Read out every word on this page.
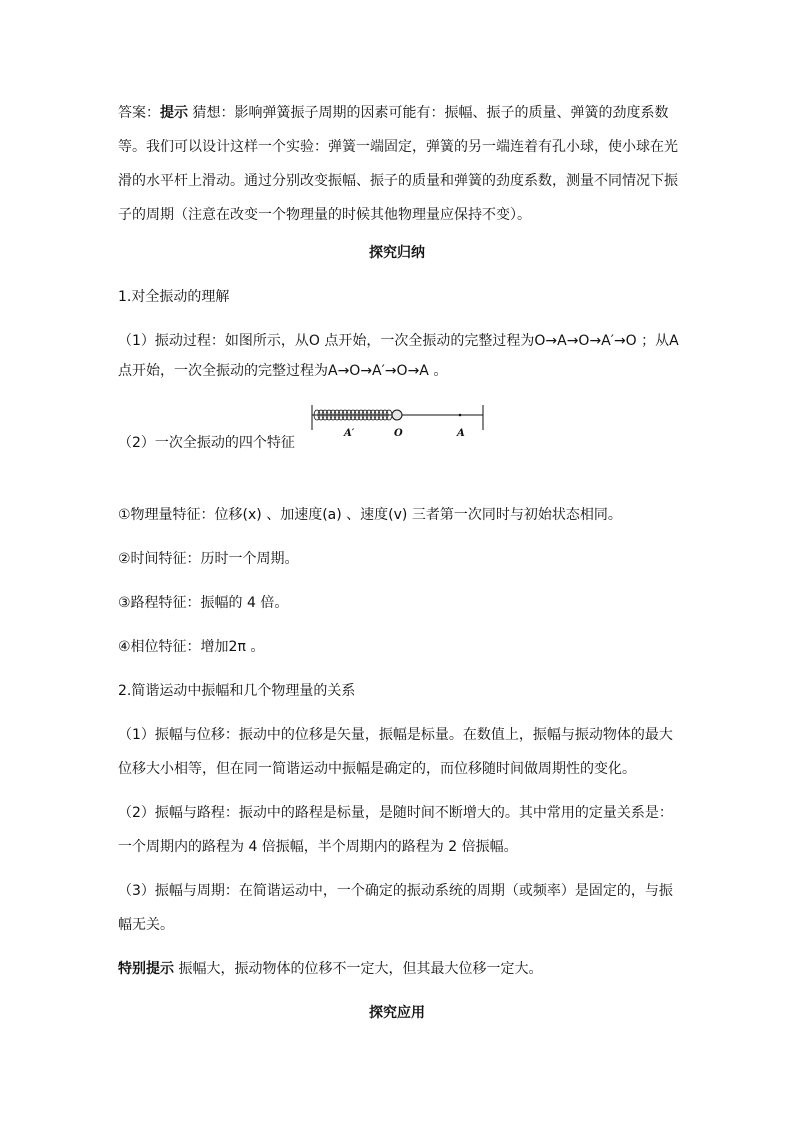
答案：提示 猜想：影响弹簧振子周期的因素可能有：振幅、振子的质量、弹簧的劲度系数
等。我们可以设计这样一个实验：弹簧一端固定，弹簧的另一端连着有孔小球，使小球在光
滑的水平杆上滑动。通过分别改变振幅、振子的质量和弹簧的劲度系数，测量不同情况下振
子的周期（注意在改变一个物理量的时候其他物理量应保持不变）。
探究归纳
1.对全振动的理解
（1）振动过程：如图所示，从O 点开始，一次全振动的完整过程为O→A→O→A′→O ；从A
点开始，一次全振动的完整过程为A→O→A′→O→A 。
A′	O	A
（2）一次全振动的四个特征
①物理量特征：位移(x) 、加速度(a) 、速度(v) 三者第一次同时与初始状态相同。
②时间特征：历时一个周期。
③路程特征：振幅的 4 倍。
④相位特征：增加2π 。
2.简谐运动中振幅和几个物理量的关系
（1）振幅与位移：振动中的位移是矢量，振幅是标量。在数值上，振幅与振动物体的最大
位移大小相等，但在同一简谐运动中振幅是确定的，而位移随时间做周期性的变化。
（2）振幅与路程：振动中的路程是标量，是随时间不断增大的。其中常用的定量关系是：
一个周期内的路程为 4 倍振幅，半个周期内的路程为 2 倍振幅。
（3）振幅与周期：在简谐运动中，一个确定的振动系统的周期（或频率）是固定的，与振
幅无关。
特别提示 振幅大，振动物体的位移不一定大，但其最大位移一定大。
探究应用
